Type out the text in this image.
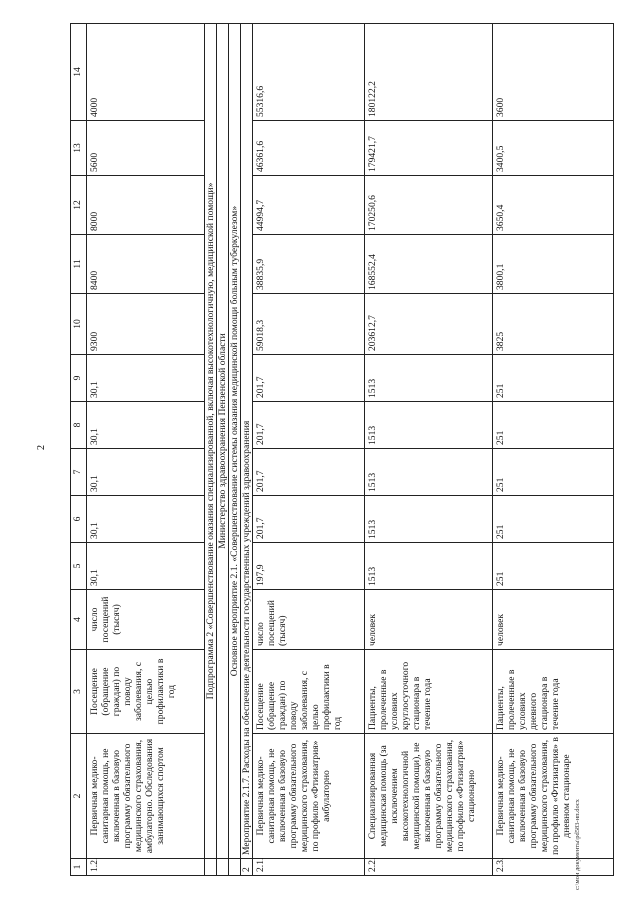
2
1	2	3	4	5	6	7	8	9	10	11	12	13	14
1.2.	Первичная медико-санитарная помощь, не включенная в базовую программу обязательного медицинского страхования, амбулаторно. Обследования занимающихся спортом	Посещение (обращение граждан) по поводу заболевания, с целью профилактики в год	число посещений (тысяч)	30,1	30,1	30,1	30,1	30,1	9300	8400	8000	5600	4000
	Подпрограмма 2 «Совершенствование оказания специализированной, включая высокотехнологичную, медицинской помощи»												
	Министерство здравоохранения Пензенской области												
	Основное мероприятие 2.1. «Совершенствование системы оказания медицинской помощи больным туберкулезом»												
2	Мероприятие 2.1.7. Расходы на обеспечение деятельности государственных учреждений здравоохранения												
2.1.	Первичная медико-санитарная помощь, не включенная в базовую программу обязательного медицинского страхования, по профилю «Фтизиатрия» амбулаторно	Посещение (обращение граждан) по поводу заболевания, с целью профилактики в год	число посещений (тысяч)	197,9	201,7	201,7	201,7	201,7	59018,3	38835,9	44994,7	46361,6	55316,6
2.2.	Специализированная медицинская помощь (за исключением высокотехнологичной медицинской помощи), не включенная в базовую программу обязательного медицинского страхования, по профилю «Фтизиатрия» стационарно	Пациенты, пролеченные в условиях круглосуточного стационара в течение года	человек	1513	1513	1513	1513	1513	203612,7	168552,4	170250,6	179421,7	180122,2
2.3.	Первичная медико-санитарная помощь, не включенная в базовую программу обязательного медицинского страхования, по профилю «Фтизиатрия» в дневном стационаре	Пациенты, пролеченные в условиях дневного стационара в течение года	человек	251	251	251	251	251	3825	3800,1	3650,4	3400,5	3600
c:\мои документы\pd583-нп.docx
